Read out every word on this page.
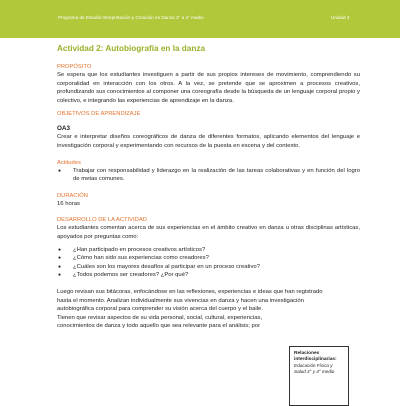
Programa de Estudio Interpretación y Creación en Danza 3° a 4° medio	Unidad 4
Actividad 2: Autobiografía en la danza
PROPÓSITO

Se espera que los estudiantes investiguen a partir de sus propios intereses de movimiento, comprendiendo su corporalidad en interacción con los otros. A la vez, se pretende que se aproximen a procesos creativos, profundizando sus conocimientos al componer una coreografía desde la búsqueda de un lenguaje corporal propio y colectivo, e integrando las experiencias de aprendizaje en la danza.

OBJETIVOS DE APRENDIZAJE
OA3

Crear e interpretar diseños coreográficos de danza de diferentes formatos, aplicando elementos del lenguaje e investigación corporal y experimentando con recursos de la puesta en escena y del contexto.

Actitudes
● Trabajar con responsabilidad y liderazgo en la realización de las tareas colaborativas y en función del logro de metas comunes.
DURACIÓN
16 horas
DESARROLLO DE LA ACTIVIDAD

Los estudiantes comentan acerca de sus experiencias en el ámbito creativo en danza u otras disciplinas artísticas, apoyados por preguntas como:

● ¿Han participado en procesos creativos artísticos?
● ¿Cómo han sido sus experiencias como creadores?
● ¿Cuáles son los mayores desafíos al participar en un proceso creativo?
● ¿Todos podemos ser creadores? ¿Por qué?
Luego revisan sus bitácoras, enfocándose en las reflexiones, experiencias e ideas que han registrado
hasta el momento. Analizan individualmente sus vivencias en danza y hacen una investigación
autobiográfica corporal para comprender su visión acerca del cuerpo y el baile.
Tienen que revisar aspectos de su vida personal, social, cultural, experiencias,
conocimientos de danza y todo aquello que sea relevante para el análisis; por
Relaciones interdisciplinarias:
Educación Física y Salud 3° y 4° medio
